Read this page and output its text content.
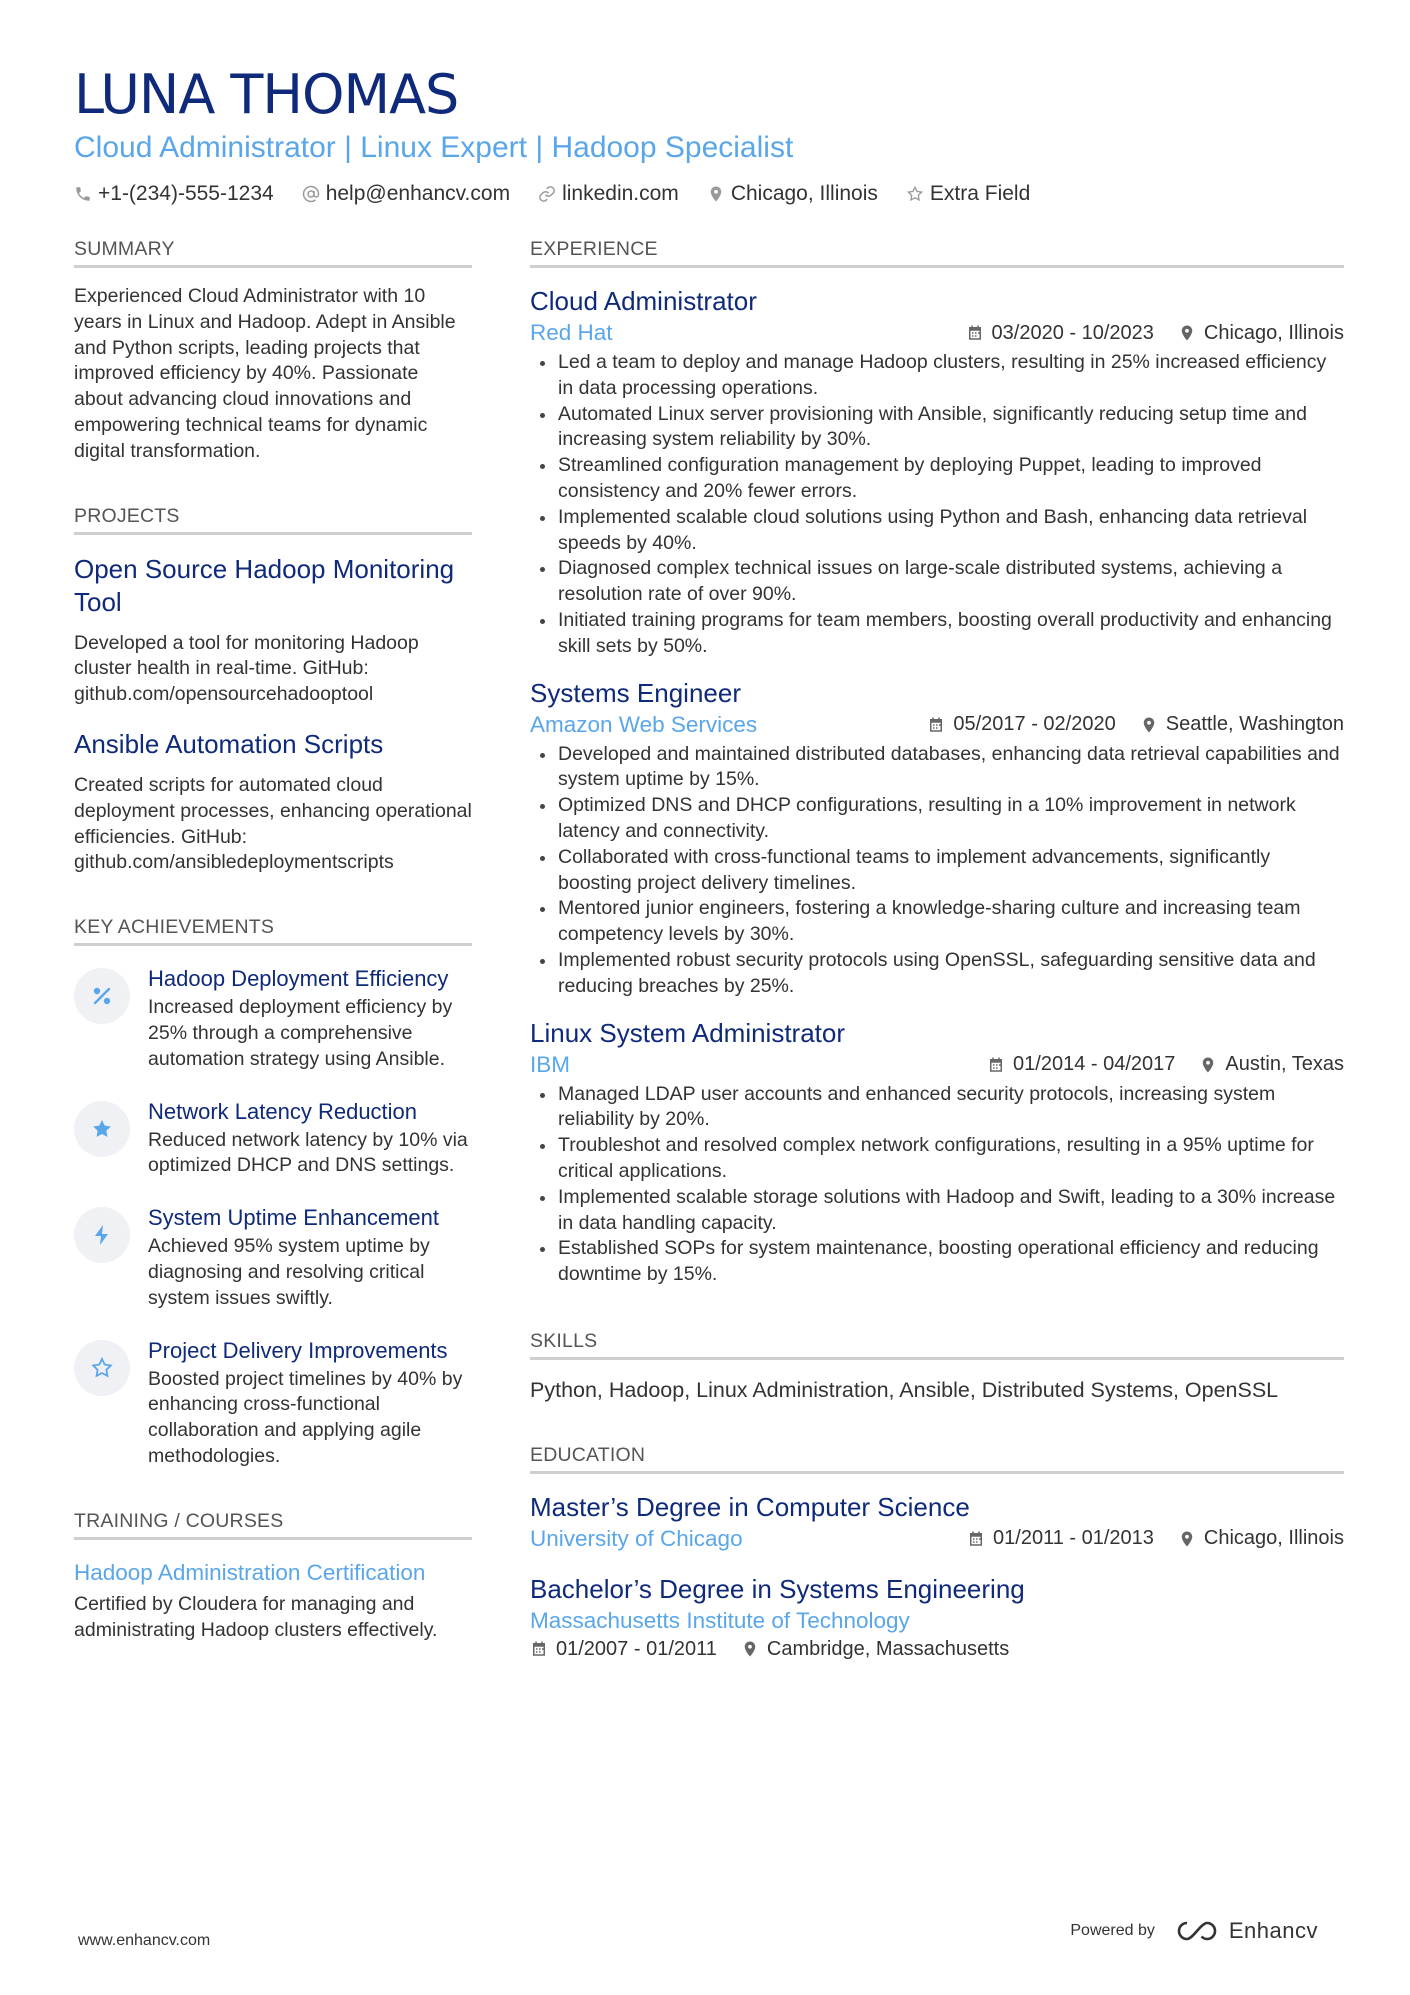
LUNA THOMAS
Cloud Administrator | Linux Expert | Hadoop Specialist
+1-(234)-555-1234 help@enhancv.com linkedin.com Chicago, Illinois Extra Field
SUMMARY

Experienced Cloud Administrator with 10 years in Linux and Hadoop. Adept in Ansible and Python scripts, leading projects that improved efficiency by 40%. Passionate about advancing cloud innovations and empowering technical teams for dynamic digital transformation.

PROJECTS
Open Source Hadoop Monitoring Tool

Developed a tool for monitoring Hadoop cluster health in real-time. GitHub: github.com/opensourcehadooptool

Ansible Automation Scripts

Created scripts for automated cloud deployment processes, enhancing operational efficiencies. GitHub: github.com/ansibledeploymentscripts

KEY ACHIEVEMENTS
Hadoop Deployment Efficiency

Increased deployment efficiency by 25% through a comprehensive automation strategy using Ansible.

Network Latency Reduction

Reduced network latency by 10% via optimized DHCP and DNS settings.

System Uptime Enhancement

Achieved 95% system uptime by diagnosing and resolving critical system issues swiftly.

Project Delivery Improvements

Boosted project timelines by 40% by enhancing cross-functional collaboration and applying agile methodologies.

TRAINING / COURSES
Hadoop Administration Certification

Certified by Cloudera for managing and administrating Hadoop clusters effectively.

EXPERIENCE
Cloud Administrator
Red Hat	03/2020 - 10/2023	Chicago, Illinois
Led a team to deploy and manage Hadoop clusters, resulting in 25% increased efficiency in data processing operations.
Automated Linux server provisioning with Ansible, significantly reducing setup time and increasing system reliability by 30%.
Streamlined configuration management by deploying Puppet, leading to improved consistency and 20% fewer errors.
Implemented scalable cloud solutions using Python and Bash, enhancing data retrieval speeds by 40%.
Diagnosed complex technical issues on large-scale distributed systems, achieving a resolution rate of over 90%.
Initiated training programs for team members, boosting overall productivity and enhancing skill sets by 50%.
Systems Engineer
Amazon Web Services	05/2017 - 02/2020	Seattle, Washington
Developed and maintained distributed databases, enhancing data retrieval capabilities and system uptime by 15%.
Optimized DNS and DHCP configurations, resulting in a 10% improvement in network latency and connectivity.
Collaborated with cross-functional teams to implement advancements, significantly boosting project delivery timelines.
Mentored junior engineers, fostering a knowledge-sharing culture and increasing team competency levels by 30%.
Implemented robust security protocols using OpenSSL, safeguarding sensitive data and reducing breaches by 25%.
Linux System Administrator
IBM	01/2014 - 04/2017	Austin, Texas
Managed LDAP user accounts and enhanced security protocols, increasing system reliability by 20%.
Troubleshot and resolved complex network configurations, resulting in a 95% uptime for critical applications.
Implemented scalable storage solutions with Hadoop and Swift, leading to a 30% increase in data handling capacity.
Established SOPs for system maintenance, boosting operational efficiency and reducing downtime by 15%.
SKILLS

Python, Hadoop, Linux Administration, Ansible, Distributed Systems, OpenSSL

EDUCATION
Master’s Degree in Computer Science
University of Chicago	01/2011 - 01/2013	Chicago, Illinois
Bachelor’s Degree in Systems Engineering
Massachusetts Institute of Technology
01/2007 - 01/2011	Cambridge, Massachusetts
www.enhancv.com
Powered by	Enhancv
